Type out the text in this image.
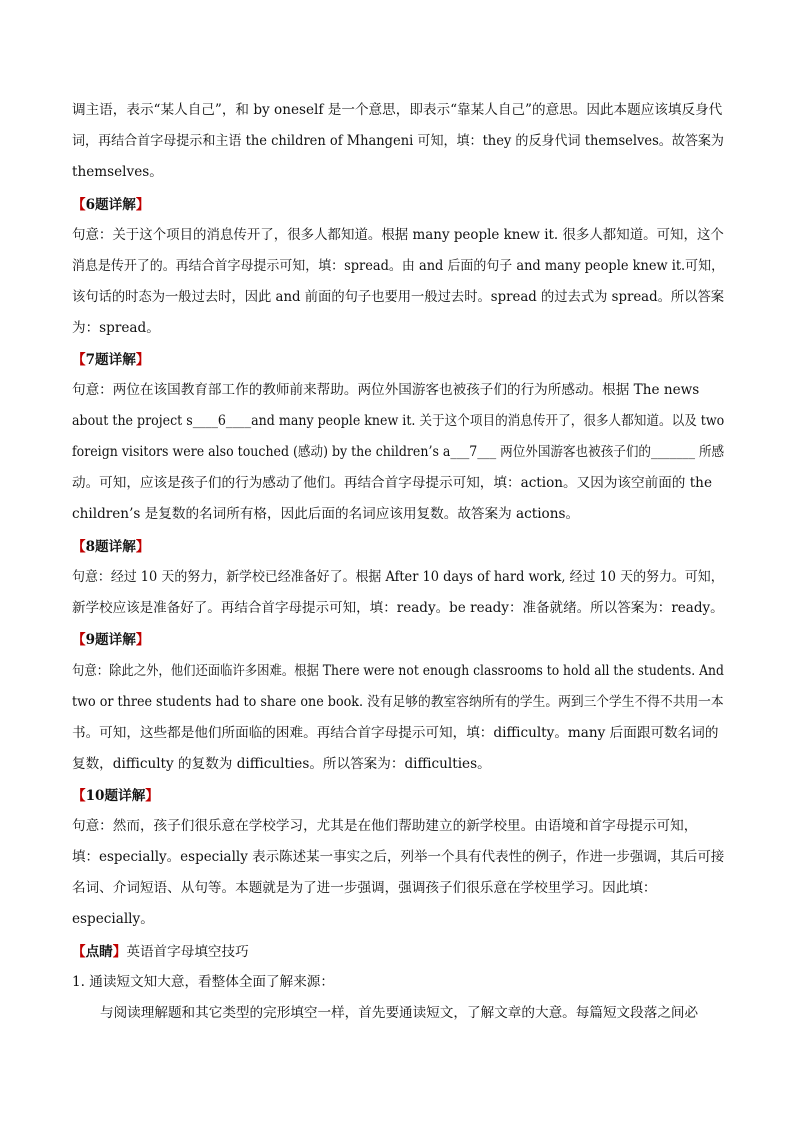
调主语，表示“某人自己”，和 by oneself 是一个意思，即表示“靠某人自己”的意思。因此本题应该填反身代
词，再结合首字母提示和主语 the children of Mhangeni 可知，填：they 的反身代词 themselves。故答案为
themselves。
【6题详解】
句意：关于这个项目的消息传开了，很多人都知道。根据 many people knew it. 很多人都知道。可知，这个
消息是传开了的。再结合首字母提示可知，填：spread。由 and 后面的句子 and many people knew it.可知，
该句话的时态为一般过去时，因此 and 前面的句子也要用一般过去时。spread 的过去式为 spread。所以答案
为：spread。
【7题详解】
句意：两位在该国教育部工作的教师前来帮助。两位外国游客也被孩子们的行为所感动。根据 The news
about the project s____6____and many people knew it. 关于这个项目的消息传开了，很多人都知道。以及 two
foreign visitors were also touched (感动) by the children’s a___7___ 两位外国游客也被孩子们的_______ 所感
动。可知，应该是孩子们的行为感动了他们。再结合首字母提示可知，填：action。又因为该空前面的 the
children’s 是复数的名词所有格，因此后面的名词应该用复数。故答案为 actions。
【8题详解】
句意：经过 10 天的努力，新学校已经准备好了。根据 After 10 days of hard work, 经过 10 天的努力。可知，
新学校应该是准备好了。再结合首字母提示可知，填：ready。be ready：准备就绪。所以答案为：ready。
【9题详解】
句意：除此之外，他们还面临许多困难。根据 There were not enough classrooms to hold all the students. And
two or three students had to share one book. 没有足够的教室容纳所有的学生。两到三个学生不得不共用一本
书。可知，这些都是他们所面临的困难。再结合首字母提示可知，填：difficulty。many 后面跟可数名词的
复数，difficulty 的复数为 difficulties。所以答案为：difficulties。
【10题详解】
句意：然而，孩子们很乐意在学校学习，尤其是在他们帮助建立的新学校里。由语境和首字母提示可知，
填：especially。especially 表示陈述某一事实之后，列举一个具有代表性的例子，作进一步强调，其后可接
名词、介词短语、从句等。本题就是为了进一步强调，强调孩子们很乐意在学校里学习。因此填：
especially。
【点睛】英语首字母填空技巧
1. 通读短文知大意，看整体全面了解来源：
与阅读理解题和其它类型的完形填空一样，首先要通读短文，了解文章的大意。每篇短文段落之间必
